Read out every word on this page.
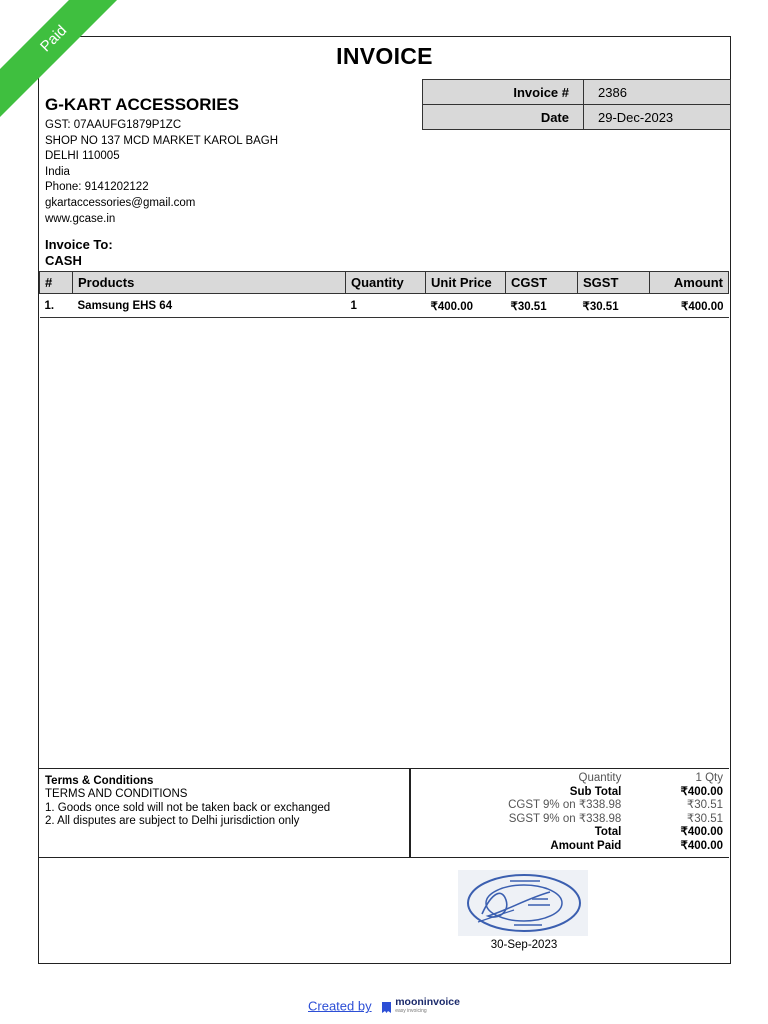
Paid
INVOICE
Invoice #	2386
Date	29-Dec-2023
G-KART ACCESSORIES
GST: 07AAUFG1879P1ZC
SHOP NO 137 MCD MARKET KAROL BAGH
DELHI 110005
India
Phone: 9141202122
gkartaccessories@gmail.com
www.gcase.in
Invoice To:
CASH
#	Products	Quantity	Unit Price	CGST	SGST	Amount
1.	Samsung EHS 64	1	₹400.00	₹30.51	₹30.51	₹400.00
Terms & Conditions
TERMS AND CONDITIONS
1. Goods once sold will not be taken back or exchanged
2. All disputes are subject to Delhi jurisdiction only
Quantity	1 Qty
Sub Total	₹400.00
CGST 9% on ₹338.98	₹30.51
SGST 9% on ₹338.98	₹30.51
Total	₹400.00
Amount Paid	₹400.00
30-Sep-2023
Created by mooninvoice
easy invoicing
